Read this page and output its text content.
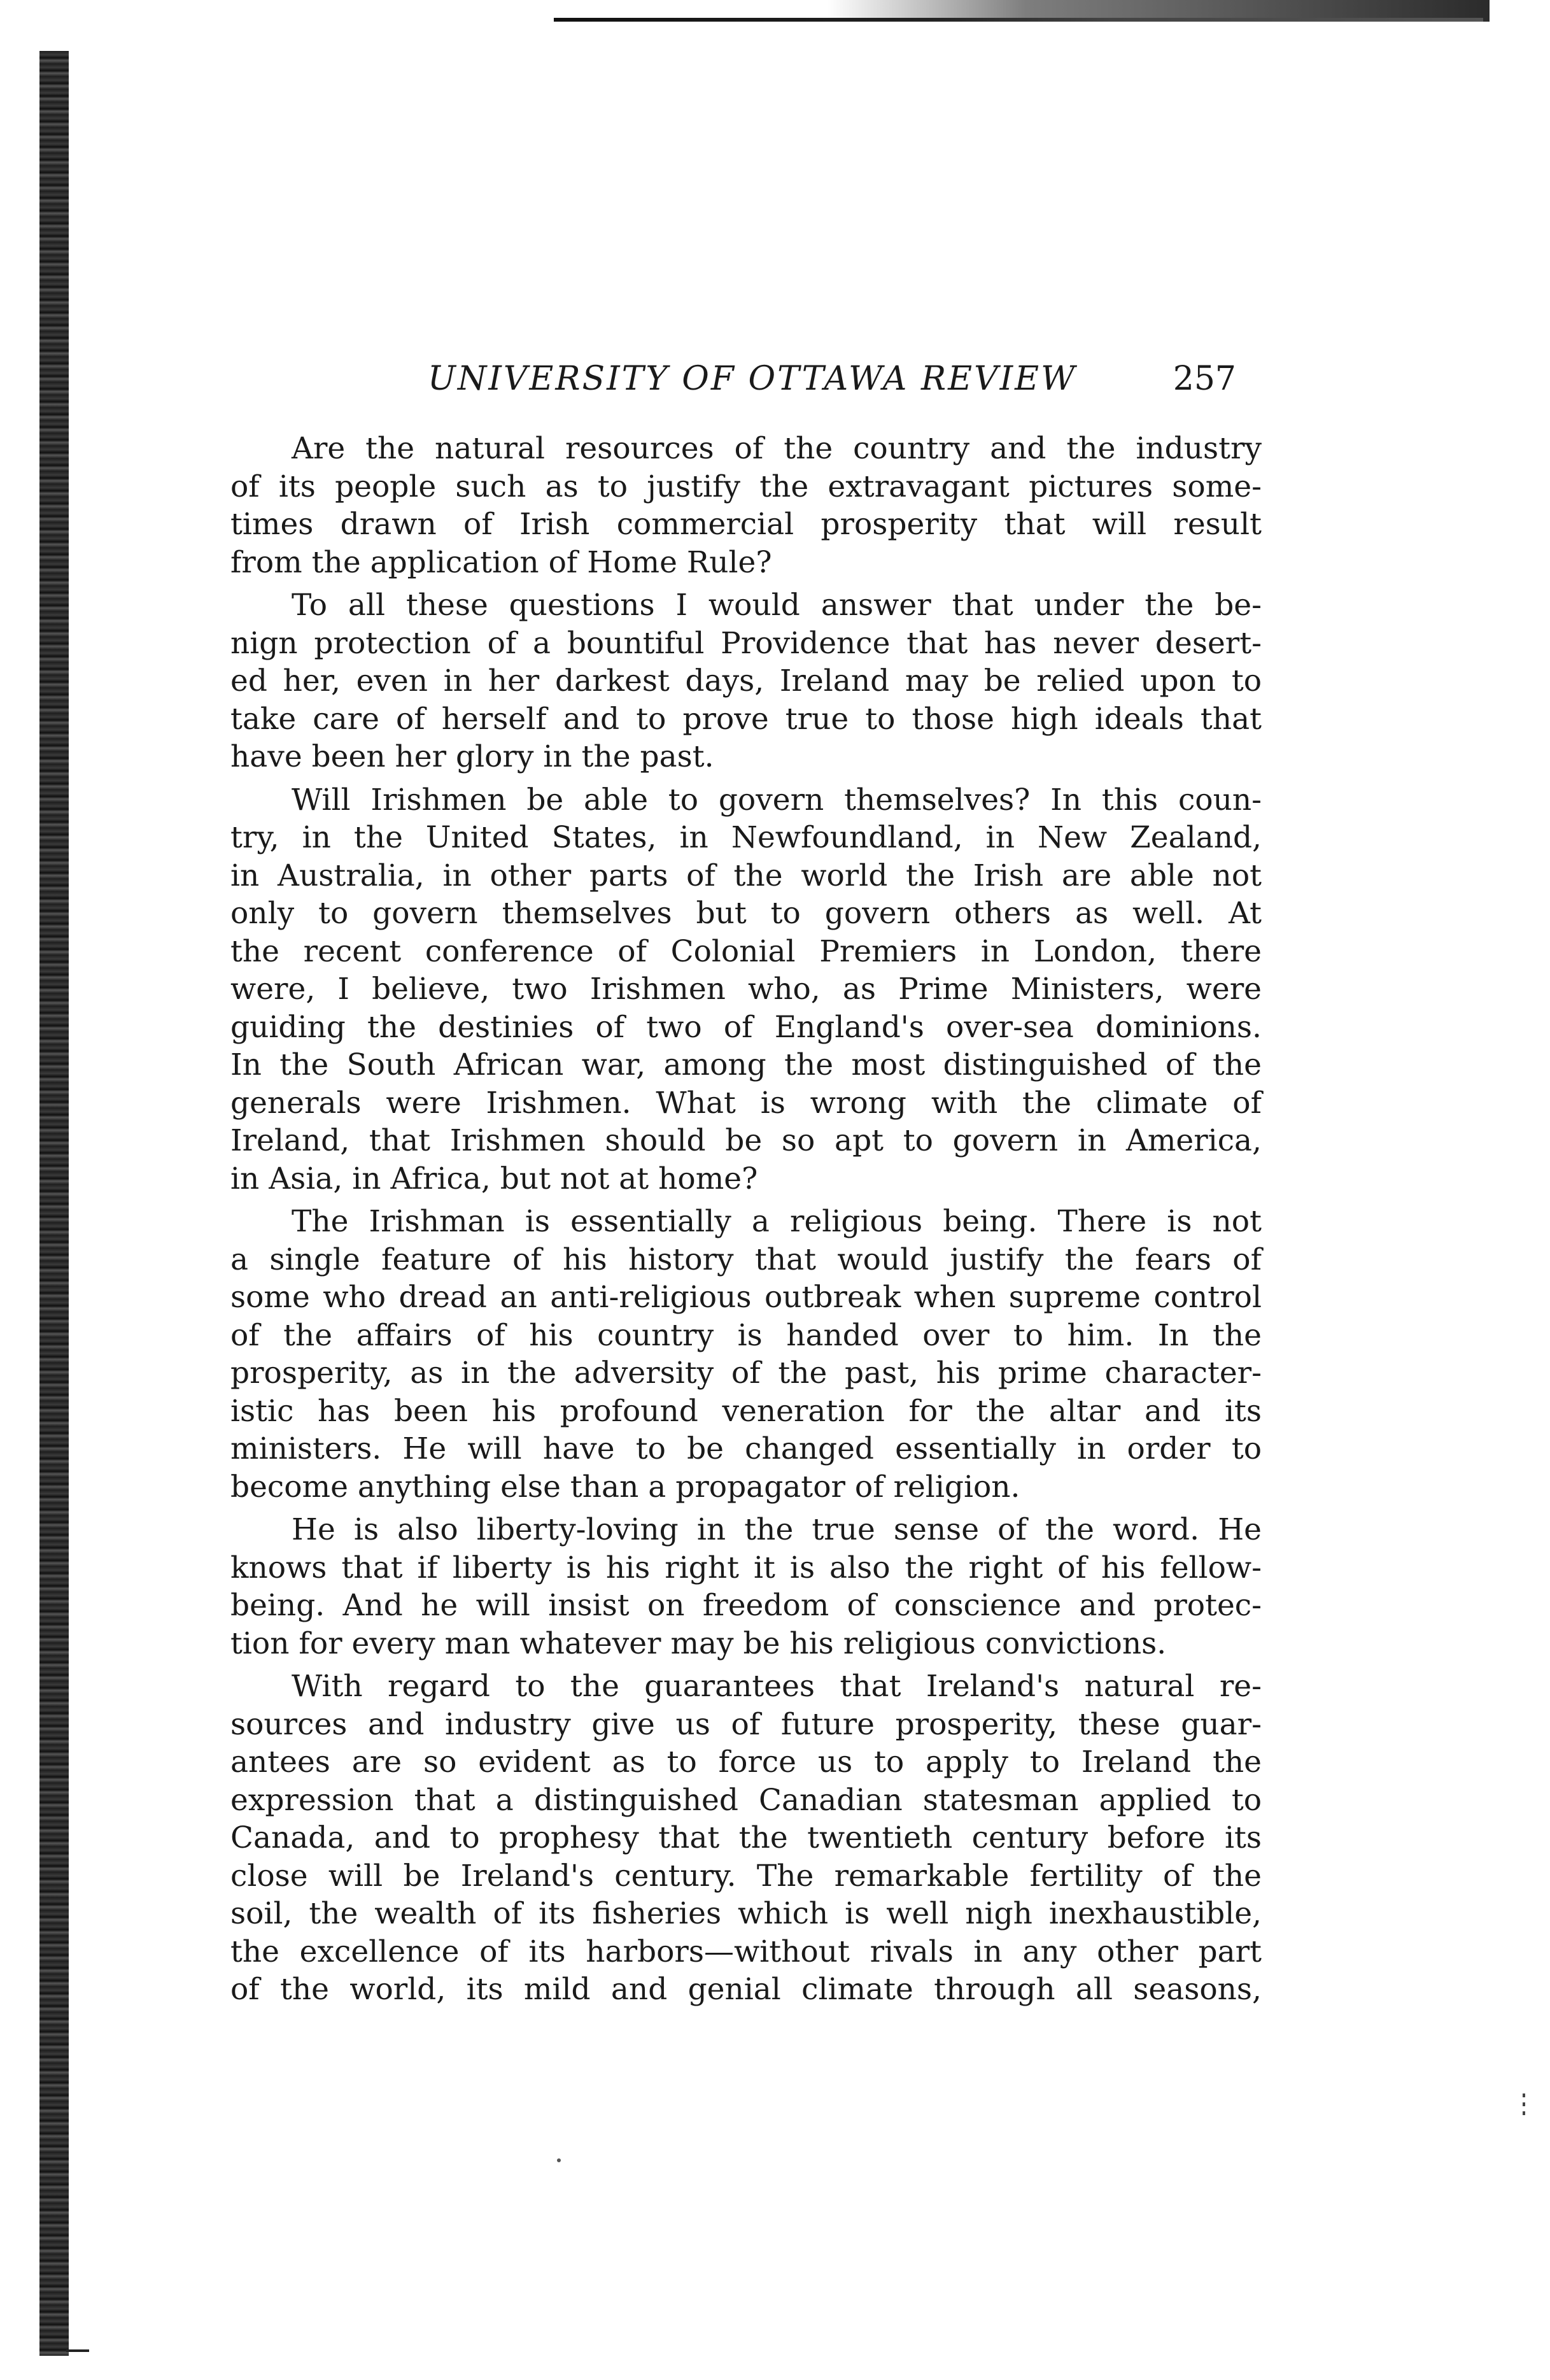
UNIVERSITY OF OTTAWA REVIEW	257

Are the natural resources of the country and the industry
of its people such as to justify the extravagant pictures some-
times drawn of Irish commercial prosperity that will result
from the application of Home Rule?

To all these questions I would answer that under the be-
nign protection of a bountiful Providence that has never desert-
ed her, even in her darkest days, Ireland may be relied upon to
take care of herself and to prove true to those high ideals that
have been her glory in the past.

Will Irishmen be able to govern themselves? In this coun-
try, in the United States, in Newfoundland, in New Zealand,
in Australia, in other parts of the world the Irish are able not
only to govern themselves but to govern others as well. At
the recent conference of Colonial Premiers in London, there
were, I believe, two Irishmen who, as Prime Ministers, were
guiding the destinies of two of England's over-sea dominions.
In the South African war, among the most distinguished of the
generals were Irishmen. What is wrong with the climate of
Ireland, that Irishmen should be so apt to govern in America,
in Asia, in Africa, but not at home?

The Irishman is essentially a religious being. There is not
a single feature of his history that would justify the fears of
some who dread an anti-religious outbreak when supreme control
of the affairs of his country is handed over to him. In the
prosperity, as in the adversity of the past, his prime character-
istic has been his profound veneration for the altar and its
ministers. He will have to be changed essentially in order to
become anything else than a propagator of religion.

He is also liberty-loving in the true sense of the word. He
knows that if liberty is his right it is also the right of his fellow-
being. And he will insist on freedom of conscience and protec-
tion for every man whatever may be his religious convictions.

With regard to the guarantees that Ireland's natural re-
sources and industry give us of future prosperity, these guar-
antees are so evident as to force us to apply to Ireland the
expression that a distinguished Canadian statesman applied to
Canada, and to prophesy that the twentieth century before its
close will be Ireland's century. The remarkable fertility of the
soil, the wealth of its fisheries which is well nigh inexhaustible,
the excellence of its harbors—without rivals in any other part
of the world, its mild and genial climate through all seasons,
